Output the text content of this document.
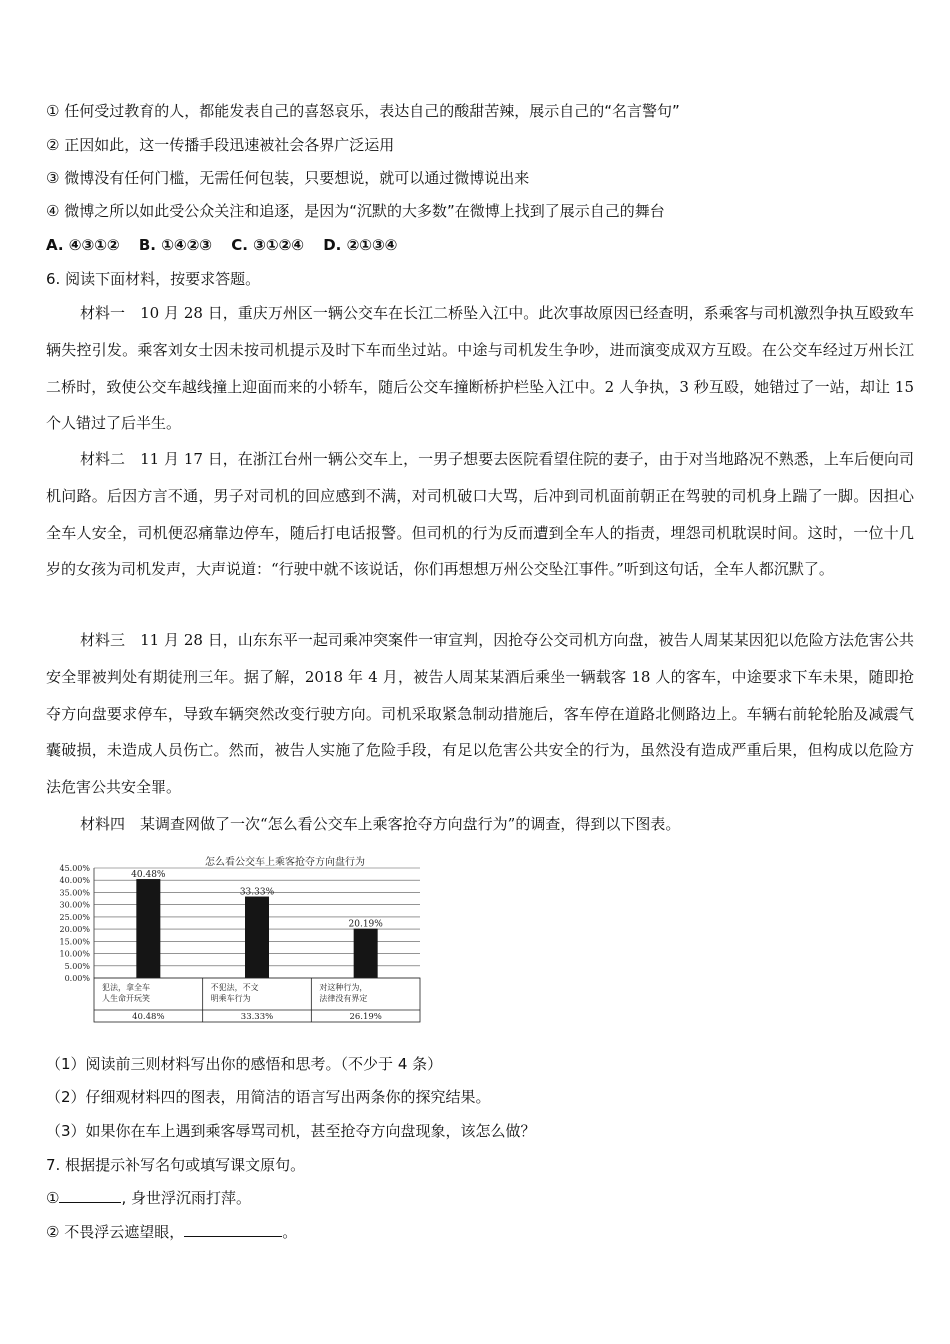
① 任何受过教育的人，都能发表自己的喜怒哀乐，表达自己的酸甜苦辣，展示自己的“名言警句”
② 正因如此，这一传播手段迅速被社会各界广泛运用
③ 微博没有任何门槛，无需任何包装，只要想说，就可以通过微博说出来
④ 微博之所以如此受公众关注和追逐，是因为“沉默的大多数”在微博上找到了展示自己的舞台
A. ④③①② B. ①④②③ C. ③①②④ D. ②①③④
6. 阅读下面材料，按要求答题。

材料一　10 月 28 日，重庆万州区一辆公交车在长江二桥坠入江中。此次事故原因已经查明，系乘客与司机激烈争执互殴致车辆失控引发。乘客刘女士因未按司机提示及时下车而坐过站。中途与司机发生争吵，进而演变成双方互殴。在公交车经过万州长江二桥时，致使公交车越线撞上迎面而来的小轿车，随后公交车撞断桥护栏坠入江中。2 人争执，3 秒互殴，她错过了一站，却让 15 个人错过了后半生。

材料二　11 月 17 日，在浙江台州一辆公交车上，一男子想要去医院看望住院的妻子，由于对当地路况不熟悉，上车后便向司机问路。后因方言不通，男子对司机的回应感到不满，对司机破口大骂，后冲到司机面前朝正在驾驶的司机身上踹了一脚。因担心全车人安全，司机便忍痛靠边停车，随后打电话报警。但司机的行为反而遭到全车人的指责，埋怨司机耽误时间。这时，一位十几岁的女孩为司机发声，大声说道：“行驶中就不该说话，你们再想想万州公交坠江事件。”听到这句话，全车人都沉默了。

材料三　11 月 28 日，山东东平一起司乘冲突案件一审宣判，因抢夺公交司机方向盘，被告人周某某因犯以危险方法危害公共安全罪被判处有期徒刑三年。据了解，2018 年 4 月，被告人周某某酒后乘坐一辆载客 18 人的客车，中途要求下车未果，随即抢夺方向盘要求停车，导致车辆突然改变行驶方向。司机采取紧急制动措施后，客车停在道路北侧路边上。车辆右前轮轮胎及减震气囊破损，未造成人员伤亡。然而，被告人实施了危险手段，有足以危害公共安全的行为，虽然没有造成严重后果，但构成以危险方法危害公共安全罪。

材料四　某调查网做了一次“怎么看公交车上乘客抢夺方向盘行为”的调查，得到以下图表。

怎么看公交车上乘客抢夺方向盘行为
45.00%
40.00%
35.00%
30.00%
25.00%
20.00%
15.00%
10.00%
5.00%
0.00%
40.48%
33.33%
20.19%
犯法，拿全车
人生命开玩笑
40.48%
不犯法，不文
明乘车行为
33.33%
对这种行为，
法律没有界定
26.19%
（1）阅读前三则材料写出你的感悟和思考。（不少于 4 条）
（2）仔细观材料四的图表，用简洁的语言写出两条你的探究结果。
（3）如果你在车上遇到乘客辱骂司机，甚至抢夺方向盘现象，该怎么做？
7. 根据提示补写名句或填写课文原句。
①	, 身世浮沉雨打萍。
② 不畏浮云遮望眼，	。
